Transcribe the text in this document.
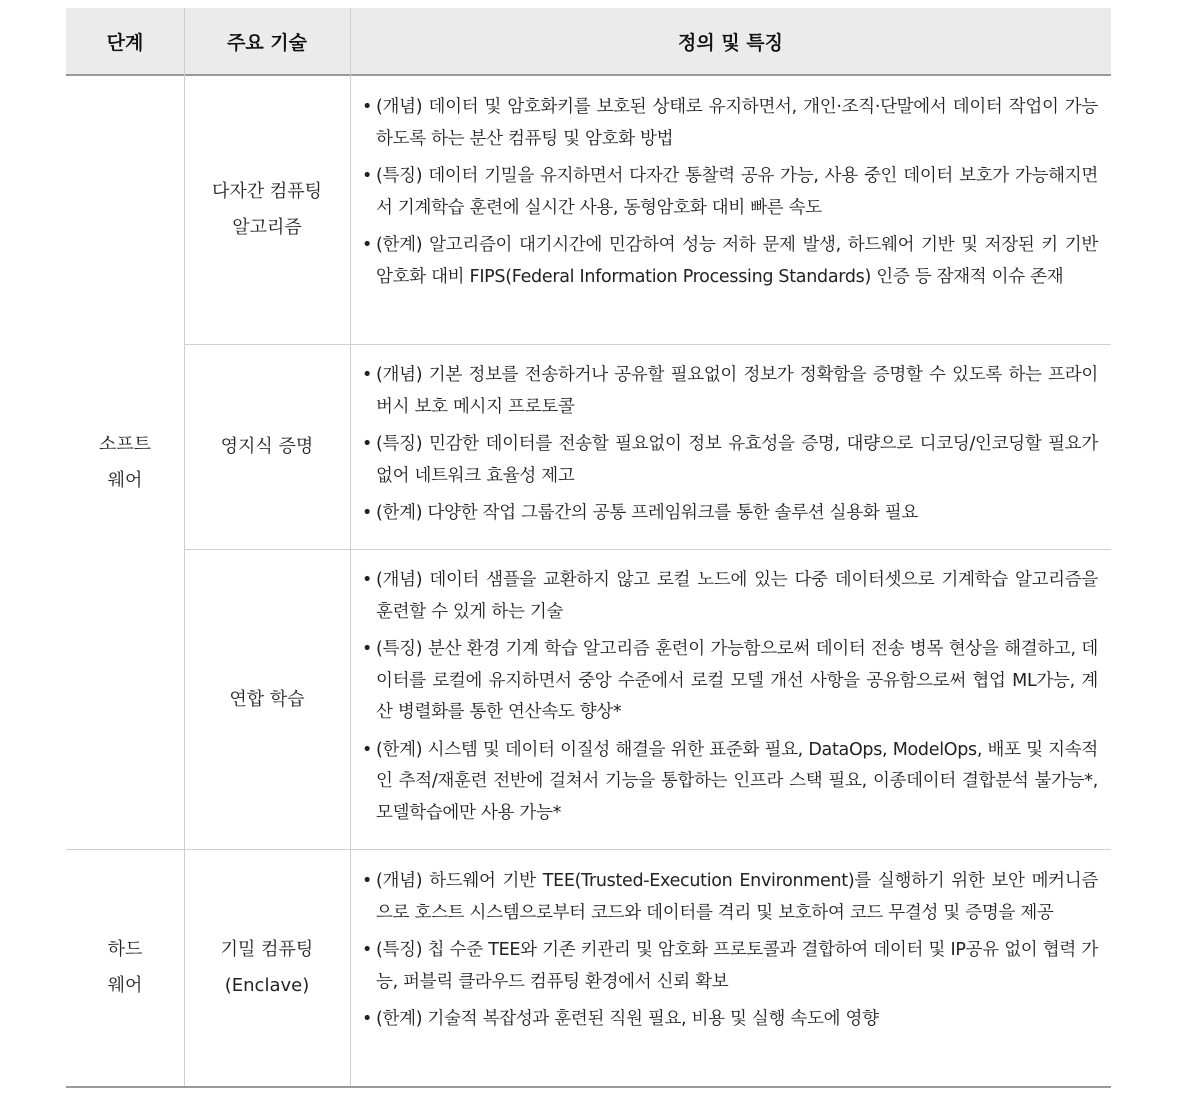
단계	주요 기술	정의 및 특징
소프트
웨어
하드
웨어
다자간 컴퓨팅
알고리즘
영지식 증명
연합 학습
기밀 컴퓨팅
(Enclave)
• (개념) 데이터 및 암호화키를 보호된 상태로 유지하면서, 개인·조직·단말에서 데이터 작업이 가능하도록 하는 분산 컴퓨팅 및 암호화 방법
• (특징) 데이터 기밀을 유지하면서 다자간 통찰력 공유 가능, 사용 중인 데이터 보호가 가능해지면서 기계학습 훈련에 실시간 사용, 동형암호화 대비 빠른 속도
• (한계) 알고리즘이 대기시간에 민감하여 성능 저하 문제 발생, 하드웨어 기반 및 저장된 키 기반 암호화 대비 FIPS(Federal Information Processing Standards) 인증 등 잠재적 이슈 존재
• (개념) 기본 정보를 전송하거나 공유할 필요없이 정보가 정확함을 증명할 수 있도록 하는 프라이버시 보호 메시지 프로토콜
• (특징) 민감한 데이터를 전송할 필요없이 정보 유효성을 증명, 대량으로 디코딩/인코딩할 필요가 없어 네트워크 효율성 제고
• (한계) 다양한 작업 그룹간의 공통 프레임워크를 통한 솔루션 실용화 필요
• (개념) 데이터 샘플을 교환하지 않고 로컬 노드에 있는 다중 데이터셋으로 기계학습 알고리즘을 훈련할 수 있게 하는 기술
• (특징) 분산 환경 기계 학습 알고리즘 훈련이 가능함으로써 데이터 전송 병목 현상을 해결하고, 데이터를 로컬에 유지하면서 중앙 수준에서 로컬 모델 개선 사항을 공유함으로써 협업 ML가능, 계산 병렬화를 통한 연산속도 향상*
• (한계) 시스템 및 데이터 이질성 해결을 위한 표준화 필요, DataOps, ModelOps, 배포 및 지속적인 추적/재훈련 전반에 걸쳐서 기능을 통합하는 인프라 스택 필요, 이종데이터 결합분석 불가능*, 모델학습에만 사용 가능*
• (개념) 하드웨어 기반 TEE(Trusted-Execution Environment)를 실행하기 위한 보안 메커니즘으로 호스트 시스템으로부터 코드와 데이터를 격리 및 보호하여 코드 무결성 및 증명을 제공
• (특징) 칩 수준 TEE와 기존 키관리 및 암호화 프로토콜과 결합하여 데이터 및 IP공유 없이 협력 가능, 퍼블릭 클라우드 컴퓨팅 환경에서 신뢰 확보
• (한계) 기술적 복잡성과 훈련된 직원 필요, 비용 및 실행 속도에 영향
